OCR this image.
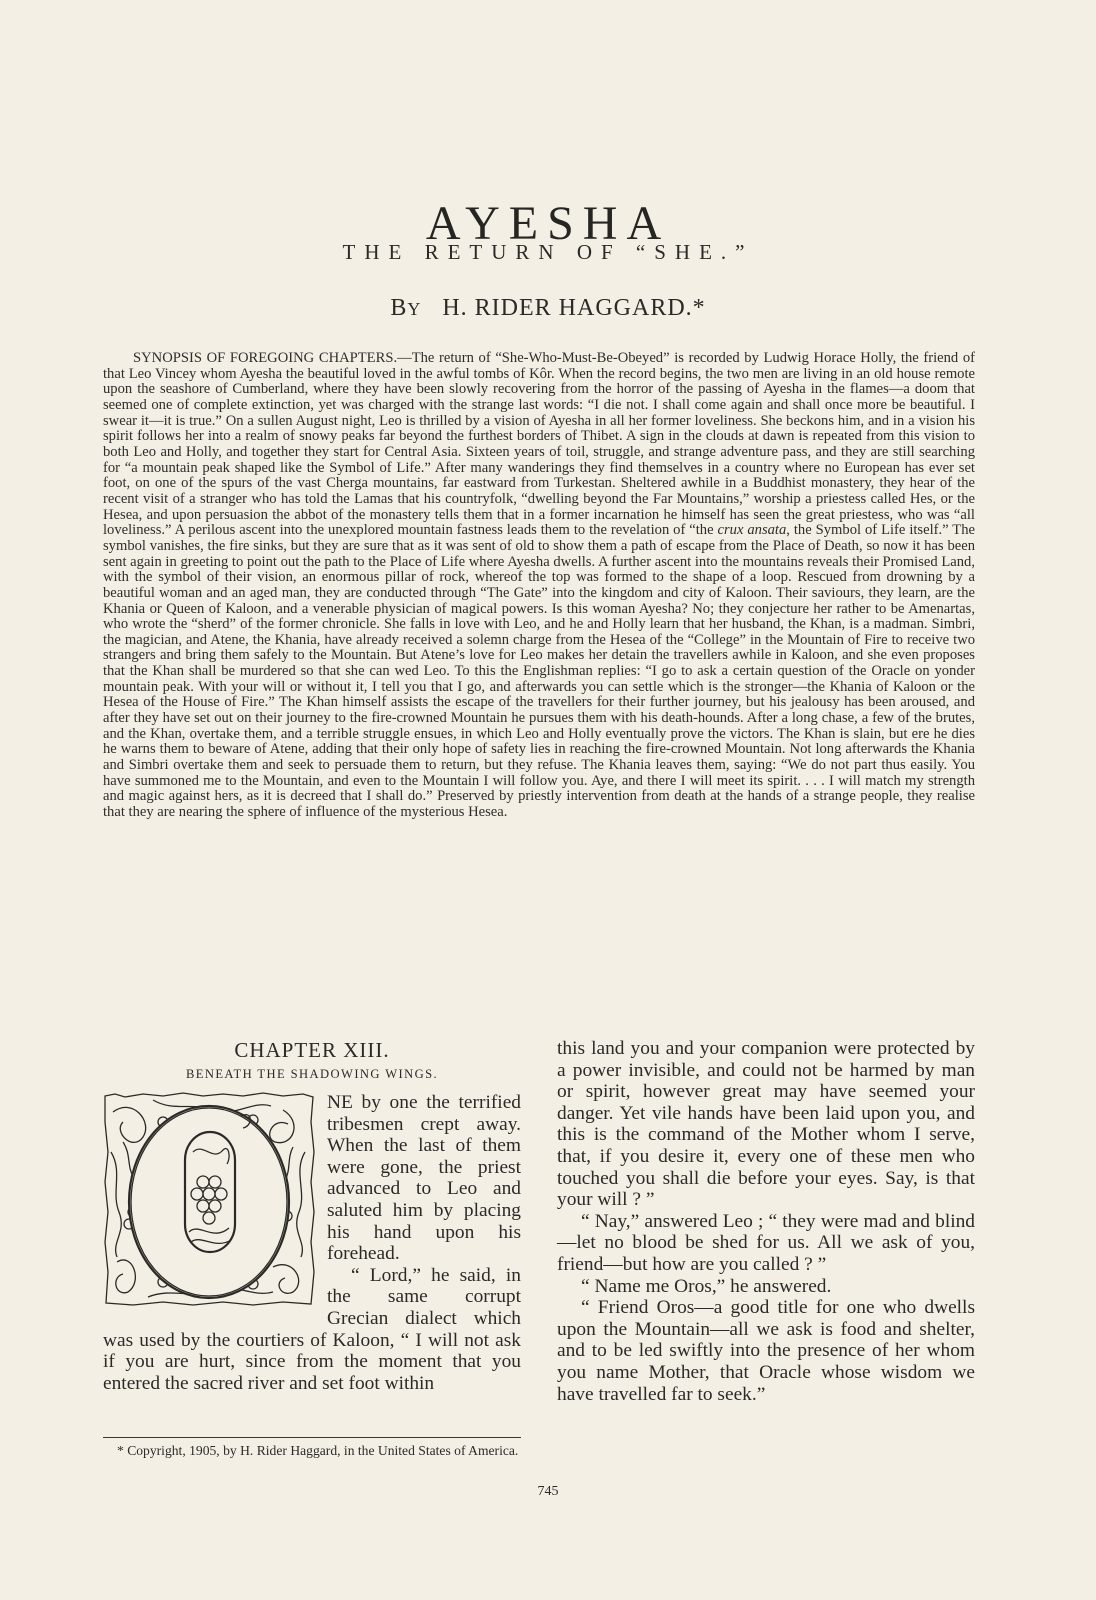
AYESHA
THE RETURN OF “SHE.”
BY H. RIDER HAGGARD.*

SYNOPSIS OF FOREGOING CHAPTERS.—The return of “She-Who-Must-Be-Obeyed” is recorded by Ludwig Horace Holly, the friend of that Leo Vincey whom Ayesha the beautiful loved in the awful tombs of Kôr. When the record begins, the two men are living in an old house remote upon the seashore of Cumberland, where they have been slowly recovering from the horror of the passing of Ayesha in the flames—a doom that seemed one of complete extinction, yet was charged with the strange last words: “I die not. I shall come again and shall once more be beautiful. I swear it—it is true.” On a sullen August night, Leo is thrilled by a vision of Ayesha in all her former loveliness. She beckons him, and in a vision his spirit follows her into a realm of snowy peaks far beyond the furthest borders of Thibet. A sign in the clouds at dawn is repeated from this vision to both Leo and Holly, and together they start for Central Asia. Sixteen years of toil, struggle, and strange adventure pass, and they are still searching for “a mountain peak shaped like the Symbol of Life.” After many wanderings they find themselves in a country where no European has ever set foot, on one of the spurs of the vast Cherga mountains, far eastward from Turkestan. Sheltered awhile in a Buddhist monastery, they hear of the recent visit of a stranger who has told the Lamas that his countryfolk, “dwelling beyond the Far Mountains,” worship a priestess called Hes, or the Hesea, and upon persuasion the abbot of the monastery tells them that in a former incarnation he himself has seen the great priestess, who was “all loveliness.” A perilous ascent into the unexplored mountain fastness leads them to the revelation of “the crux ansata, the Symbol of Life itself.” The symbol vanishes, the fire sinks, but they are sure that as it was sent of old to show them a path of escape from the Place of Death, so now it has been sent again in greeting to point out the path to the Place of Life where Ayesha dwells. A further ascent into the mountains reveals their Promised Land, with the symbol of their vision, an enormous pillar of rock, whereof the top was formed to the shape of a loop. Rescued from drowning by a beautiful woman and an aged man, they are conducted through “The Gate” into the kingdom and city of Kaloon. Their saviours, they learn, are the Khania or Queen of Kaloon, and a venerable physician of magical powers. Is this woman Ayesha? No; they conjecture her rather to be Amenartas, who wrote the “sherd” of the former chronicle. She falls in love with Leo, and he and Holly learn that her husband, the Khan, is a madman. Simbri, the magician, and Atene, the Khania, have already received a solemn charge from the Hesea of the “College” in the Mountain of Fire to receive two strangers and bring them safely to the Mountain. But Atene’s love for Leo makes her detain the travellers awhile in Kaloon, and she even proposes that the Khan shall be murdered so that she can wed Leo. To this the Englishman replies: “I go to ask a certain question of the Oracle on yonder mountain peak. With your will or without it, I tell you that I go, and afterwards you can settle which is the stronger—the Khania of Kaloon or the Hesea of the House of Fire.” The Khan himself assists the escape of the travellers for their further journey, but his jealousy has been aroused, and after they have set out on their journey to the fire-crowned Mountain he pursues them with his death-hounds. After a long chase, a few of the brutes, and the Khan, overtake them, and a terrible struggle ensues, in which Leo and Holly eventually prove the victors. The Khan is slain, but ere he dies he warns them to beware of Atene, adding that their only hope of safety lies in reaching the fire-crowned Mountain. Not long afterwards the Khania and Simbri overtake them and seek to persuade them to return, but they refuse. The Khania leaves them, saying: “We do not part thus easily. You have summoned me to the Mountain, and even to the Mountain I will follow you. Aye, and there I will meet its spirit. . . . I will match my strength and magic against hers, as it is decreed that I shall do.” Preserved by priestly intervention from death at the hands of a strange people, they realise that they are nearing the sphere of influence of the mysterious Hesea.

CHAPTER XIII.
BENEATH THE SHADOWING WINGS.

NE by one the terrified tribesmen crept away. When the last of them were gone, the priest advanced to Leo and saluted him by placing his hand upon his forehead.

“ Lord,” he said, in the same corrupt Grecian dialect which was used by the courtiers of Kaloon, “ I will not ask if you are hurt, since from the moment that you entered the sacred river and set foot within

* Copyright, 1905, by H. Rider Haggard, in the United States of America.

this land you and your companion were protected by a power invisible, and could not be harmed by man or spirit, however great may have seemed your danger. Yet vile hands have been laid upon you, and this is the command of the Mother whom I serve, that, if you desire it, every one of these men who touched you shall die before your eyes. Say, is that your will ? ”

“ Nay,” answered Leo ; “ they were mad and blind—let no blood be shed for us. All we ask of you, friend—but how are you called ? ”

“ Name me Oros,” he answered.

“ Friend Oros—a good title for one who dwells upon the Mountain—all we ask is food and shelter, and to be led swiftly into the presence of her whom you name Mother, that Oracle whose wisdom we have travelled far to seek.”

745
